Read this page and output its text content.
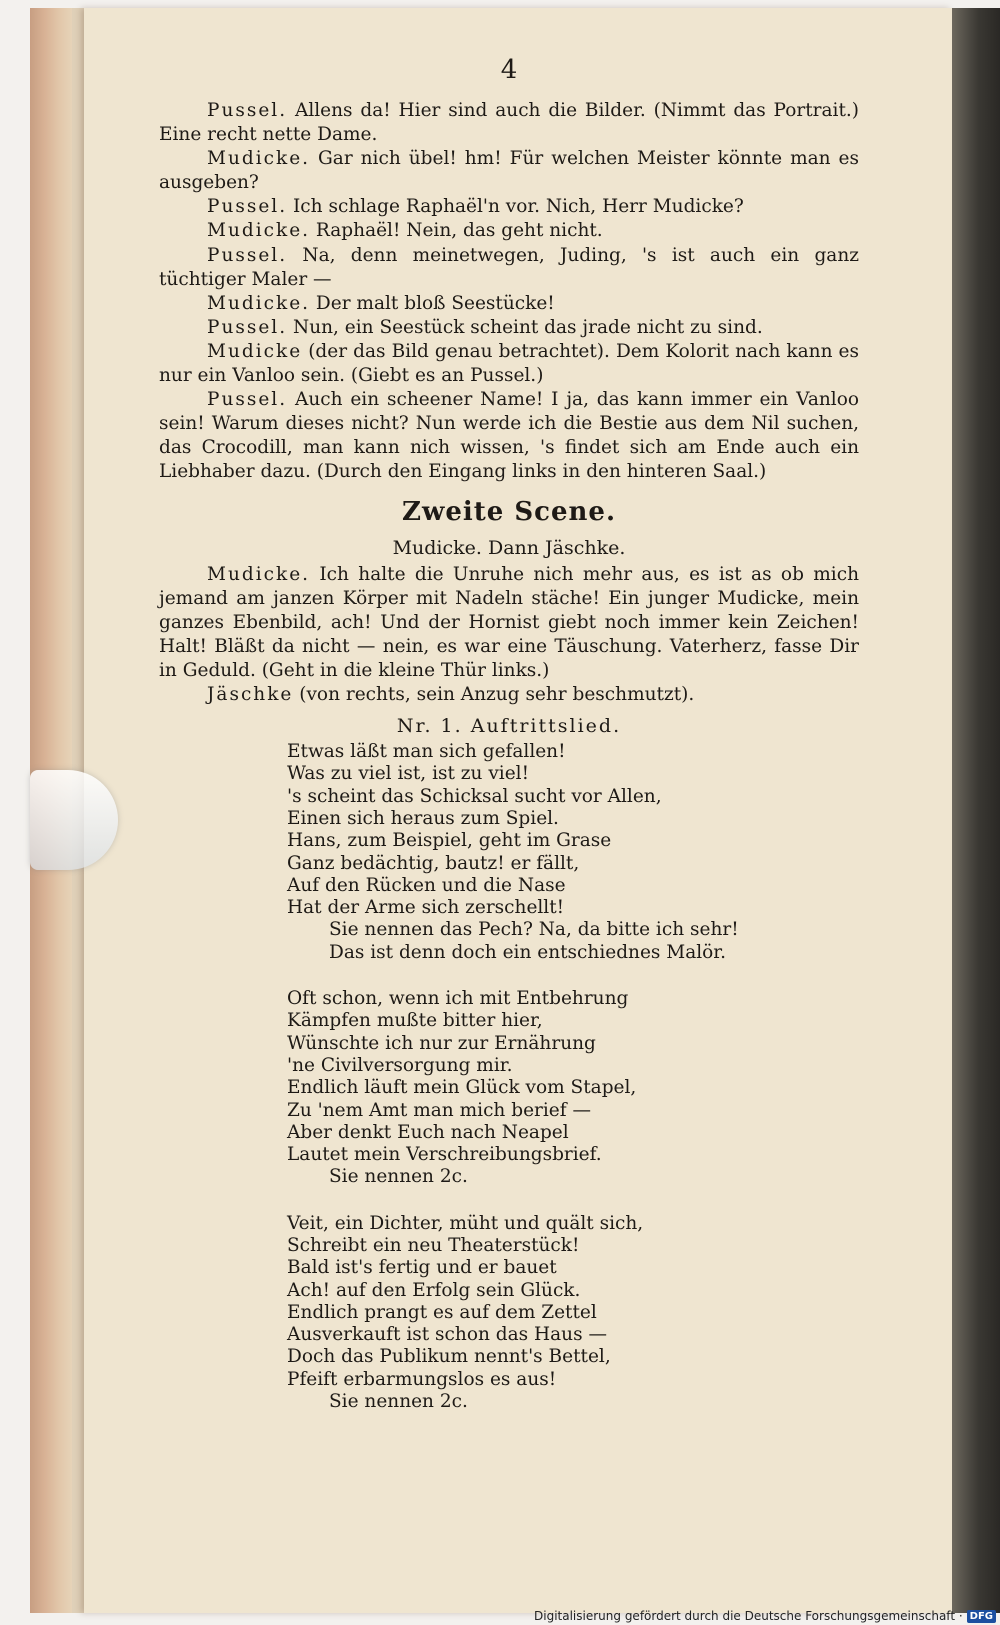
4

Pussel. Allens da! Hier sind auch die Bilder. (Nimmt das Portrait.) Eine recht nette Dame.

Mudicke. Gar nich übel! hm! Für welchen Meister könnte man es ausgeben?

Pussel. Ich schlage Raphaël'n vor. Nich, Herr Mudicke?

Mudicke. Raphaël! Nein, das geht nicht.

Pussel. Na, denn meinetwegen, Juding, 's ist auch ein ganz tüchtiger Maler —

Mudicke. Der malt bloß Seestücke!

Pussel. Nun, ein Seestück scheint das jrade nicht zu sind.

Mudicke (der das Bild genau betrachtet). Dem Kolorit nach kann es nur ein Vanloo sein. (Giebt es an Pussel.)

Pussel. Auch ein scheener Name! I ja, das kann immer ein Vanloo sein! Warum dieses nicht? Nun werde ich die Bestie aus dem Nil suchen, das Crocodill, man kann nich wissen, 's findet sich am Ende auch ein Liebhaber dazu. (Durch den Eingang links in den hinteren Saal.)

Zweite Scene.
Mudicke. Dann Jäschke.

Mudicke. Ich halte die Unruhe nich mehr aus, es ist as ob mich jemand am janzen Körper mit Nadeln stäche! Ein junger Mudicke, mein ganzes Ebenbild, ach! Und der Hornist giebt noch immer kein Zeichen! Halt! Bläßt da nicht — nein, es war eine Täuschung. Vaterherz, fasse Dir in Geduld. (Geht in die kleine Thür links.)

Jäschke (von rechts, sein Anzug sehr beschmutzt).

Nr. 1. Auftrittslied.
Etwas läßt man sich gefallen!
Was zu viel ist, ist zu viel!
's scheint das Schicksal sucht vor Allen,
Einen sich heraus zum Spiel.
Hans, zum Beispiel, geht im Grase
Ganz bedächtig, bautz! er fällt,
Auf den Rücken und die Nase
Hat der Arme sich zerschellt!
Sie nennen das Pech? Na, da bitte ich sehr!
Das ist denn doch ein entschiednes Malör.
Oft schon, wenn ich mit Entbehrung
Kämpfen mußte bitter hier,
Wünschte ich nur zur Ernährung
'ne Civilversorgung mir.
Endlich läuft mein Glück vom Stapel,
Zu 'nem Amt man mich berief —
Aber denkt Euch nach Neapel
Lautet mein Verschreibungsbrief.
Sie nennen 2c.
Veit, ein Dichter, müht und quält sich,
Schreibt ein neu Theaterstück!
Bald ist's fertig und er bauet
Ach! auf den Erfolg sein Glück.
Endlich prangt es auf dem Zettel
Ausverkauft ist schon das Haus —
Doch das Publikum nennt's Bettel,
Pfeift erbarmungslos es aus!
Sie nennen 2c.
Digitalisierung gefördert durch die Deutsche Forschungsgemeinschaft · DFG
